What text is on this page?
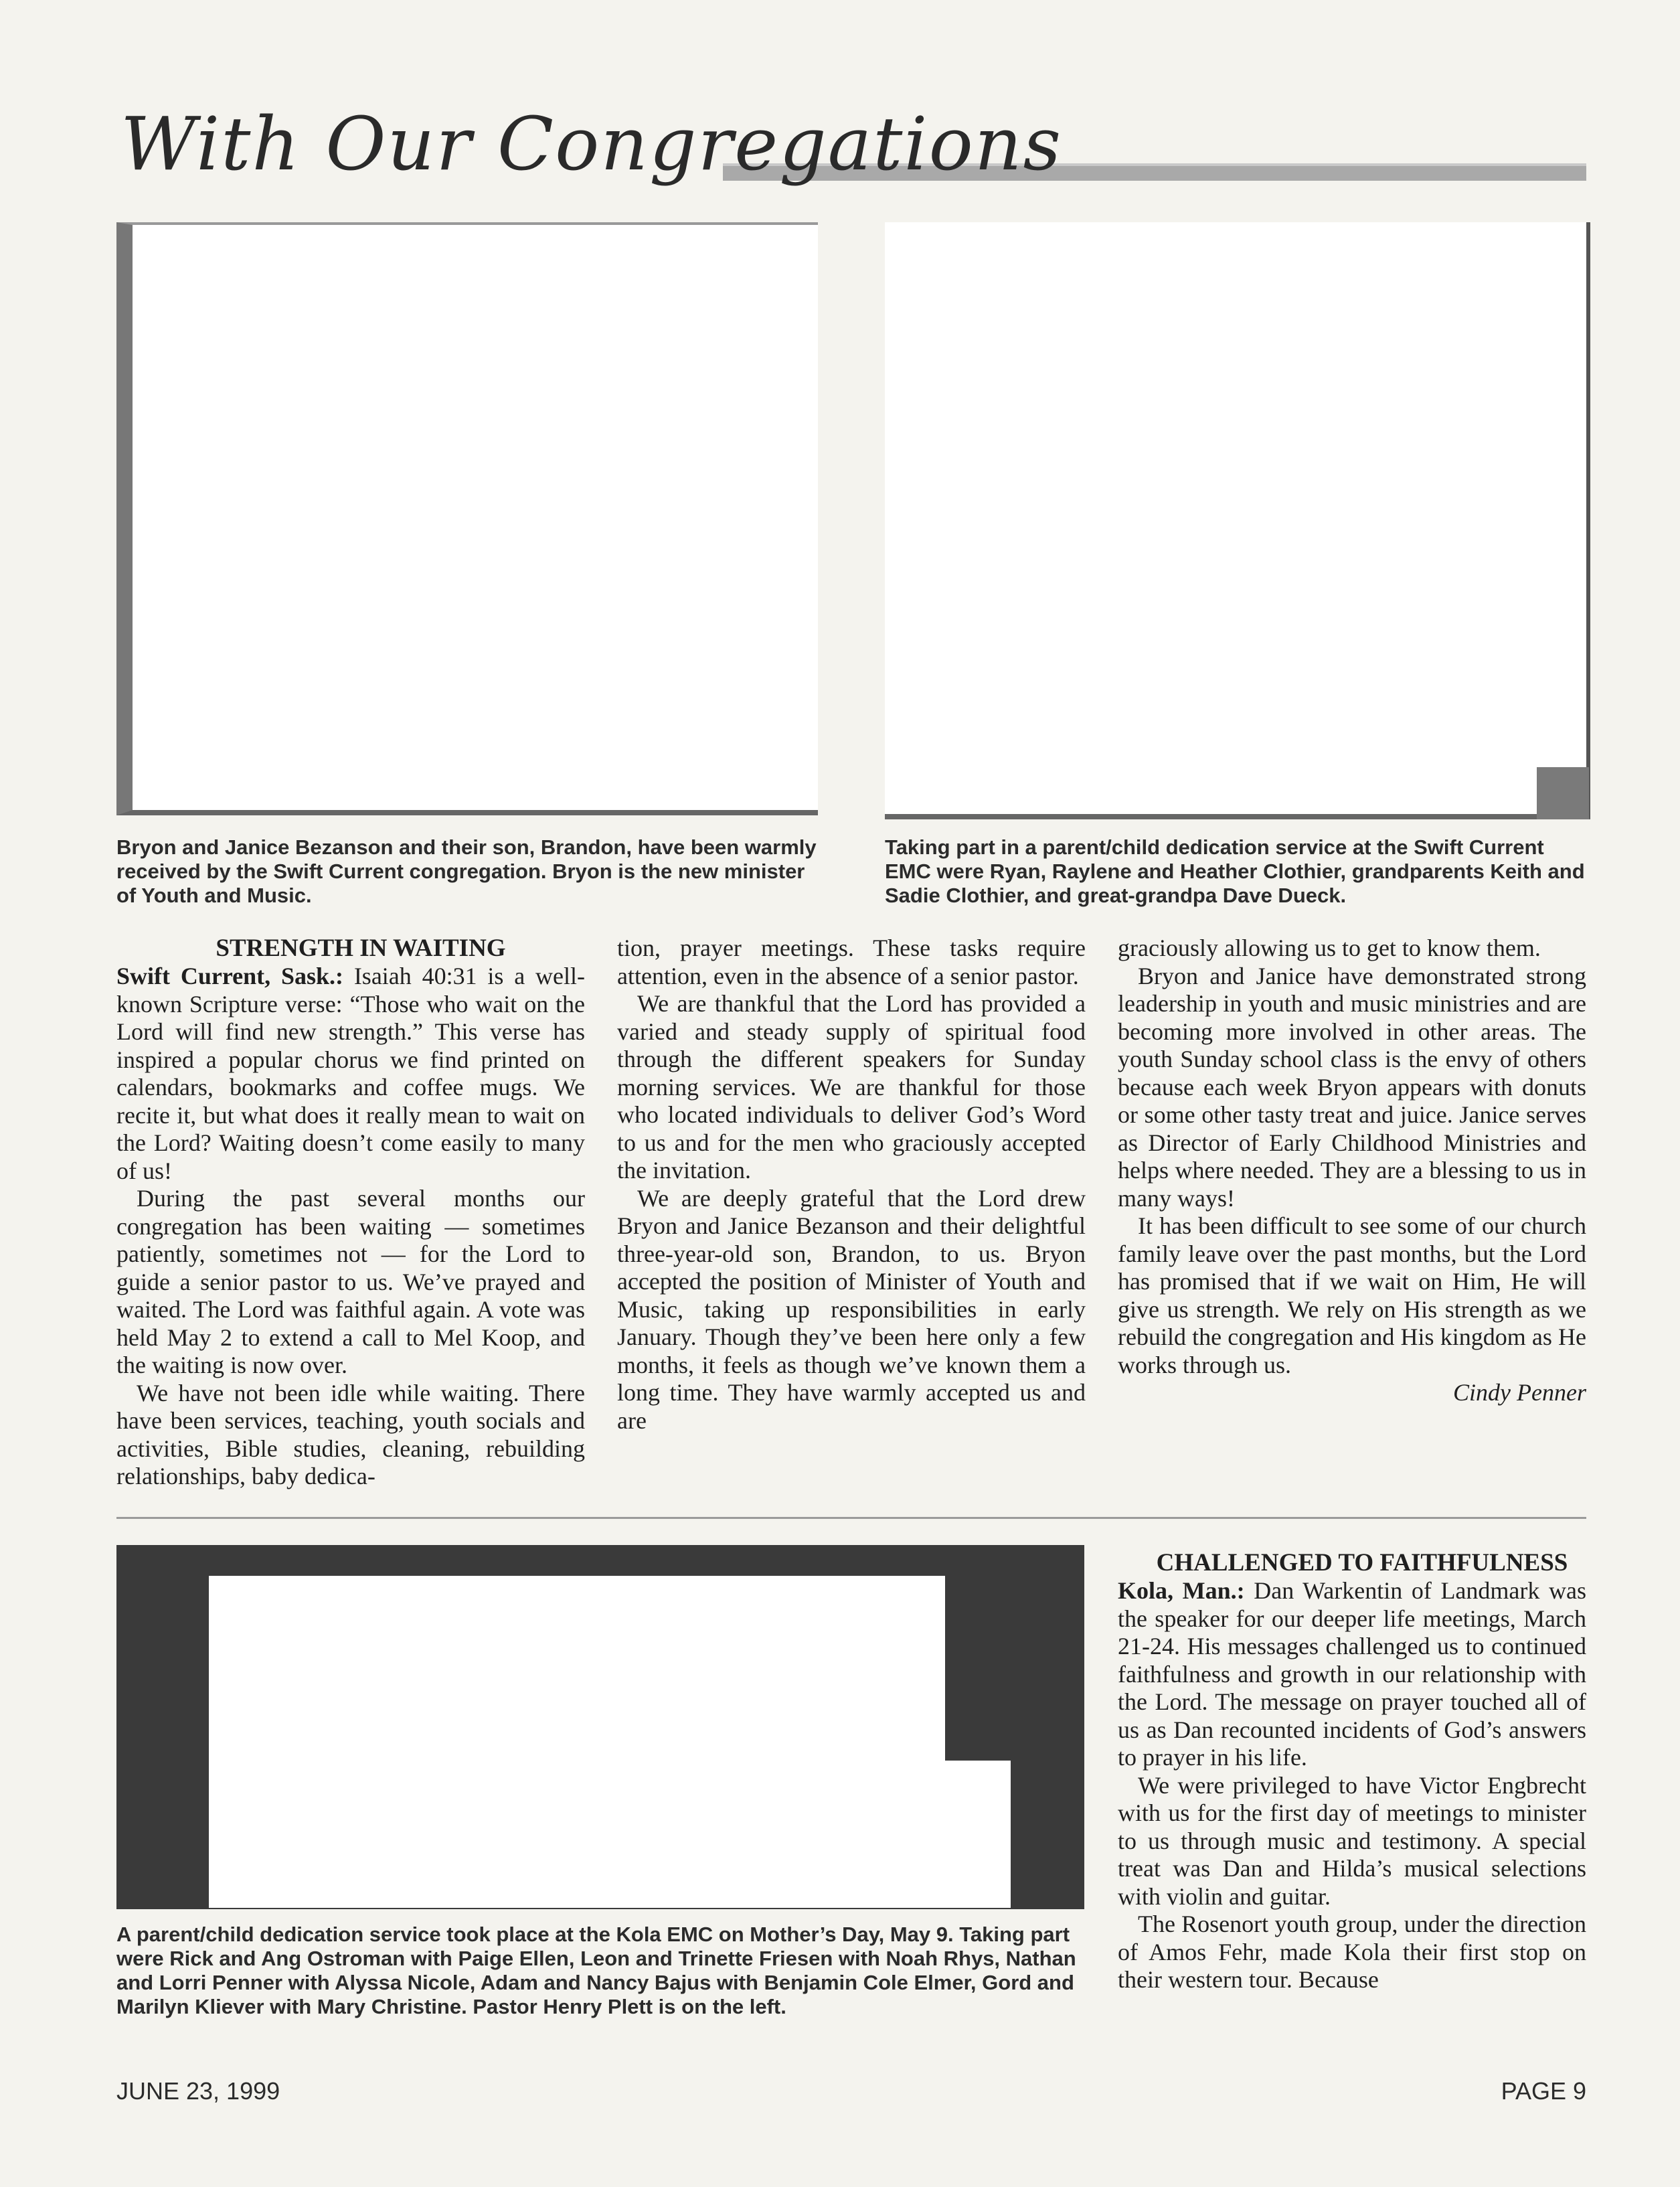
With Our Congregations
Bryon and Janice Bezanson and their son, Brandon, have been warmly received by the Swift Current congregation. Bryon is the new minister of Youth and Music.
Taking part in a parent/child dedication service at the Swift Current EMC were Ryan, Raylene and Heather Clothier, grandparents Keith and Sadie Clothier, and great-grandpa Dave Dueck.

STRENGTH IN WAITING

Swift Current, Sask.: Isaiah 40:31 is a well-known Scripture verse: “Those who wait on the Lord will find new strength.” This verse has inspired a popular chorus we find printed on calendars, bookmarks and coffee mugs. We recite it, but what does it really mean to wait on the Lord? Waiting doesn’t come easily to many of us!

During the past several months our congregation has been waiting — sometimes patiently, sometimes not — for the Lord to guide a senior pastor to us. We’ve prayed and waited. The Lord was faithful again. A vote was held May 2 to extend a call to Mel Koop, and the waiting is now over.

We have not been idle while waiting. There have been services, teaching, youth socials and activities, Bible studies, cleaning, rebuilding relationships, baby dedica-

tion, prayer meetings. These tasks require attention, even in the absence of a senior pastor.

We are thankful that the Lord has provided a varied and steady supply of spiritual food through the different speakers for Sunday morning services. We are thankful for those who located individuals to deliver God’s Word to us and for the men who graciously accepted the invitation.

We are deeply grateful that the Lord drew Bryon and Janice Bezanson and their delightful three-year-old son, Brandon, to us. Bryon accepted the position of Minister of Youth and Music, taking up responsibilities in early January. Though they’ve been here only a few months, it feels as though we’ve known them a long time. They have warmly accepted us and are

graciously allowing us to get to know them.

Bryon and Janice have demonstrated strong leadership in youth and music ministries and are becoming more involved in other areas. The youth Sunday school class is the envy of others because each week Bryon appears with donuts or some other tasty treat and juice. Janice serves as Director of Early Childhood Ministries and helps where needed. They are a blessing to us in many ways!

It has been difficult to see some of our church family leave over the past months, but the Lord has promised that if we wait on Him, He will give us strength. We rely on His strength as we rebuild the congregation and His kingdom as He works through us.

Cindy Penner

A parent/child dedication service took place at the Kola EMC on Mother’s Day, May 9. Taking part were Rick and Ang Ostroman with Paige Ellen, Leon and Trinette Friesen with Noah Rhys, Nathan and Lorri Penner with Alyssa Nicole, Adam and Nancy Bajus with Benjamin Cole Elmer, Gord and Marilyn Kliever with Mary Christine. Pastor Henry Plett is on the left.

CHALLENGED TO FAITHFULNESS

Kola, Man.: Dan Warkentin of Landmark was the speaker for our deeper life meetings, March 21-24. His messages challenged us to continued faithfulness and growth in our relationship with the Lord. The message on prayer touched all of us as Dan recounted incidents of God’s answers to prayer in his life.

We were privileged to have Victor Engbrecht with us for the first day of meetings to minister to us through music and testimony. A special treat was Dan and Hilda’s musical selections with violin and guitar.

The Rosenort youth group, under the direction of Amos Fehr, made Kola their first stop on their western tour. Because

JUNE 23, 1999	PAGE 9
